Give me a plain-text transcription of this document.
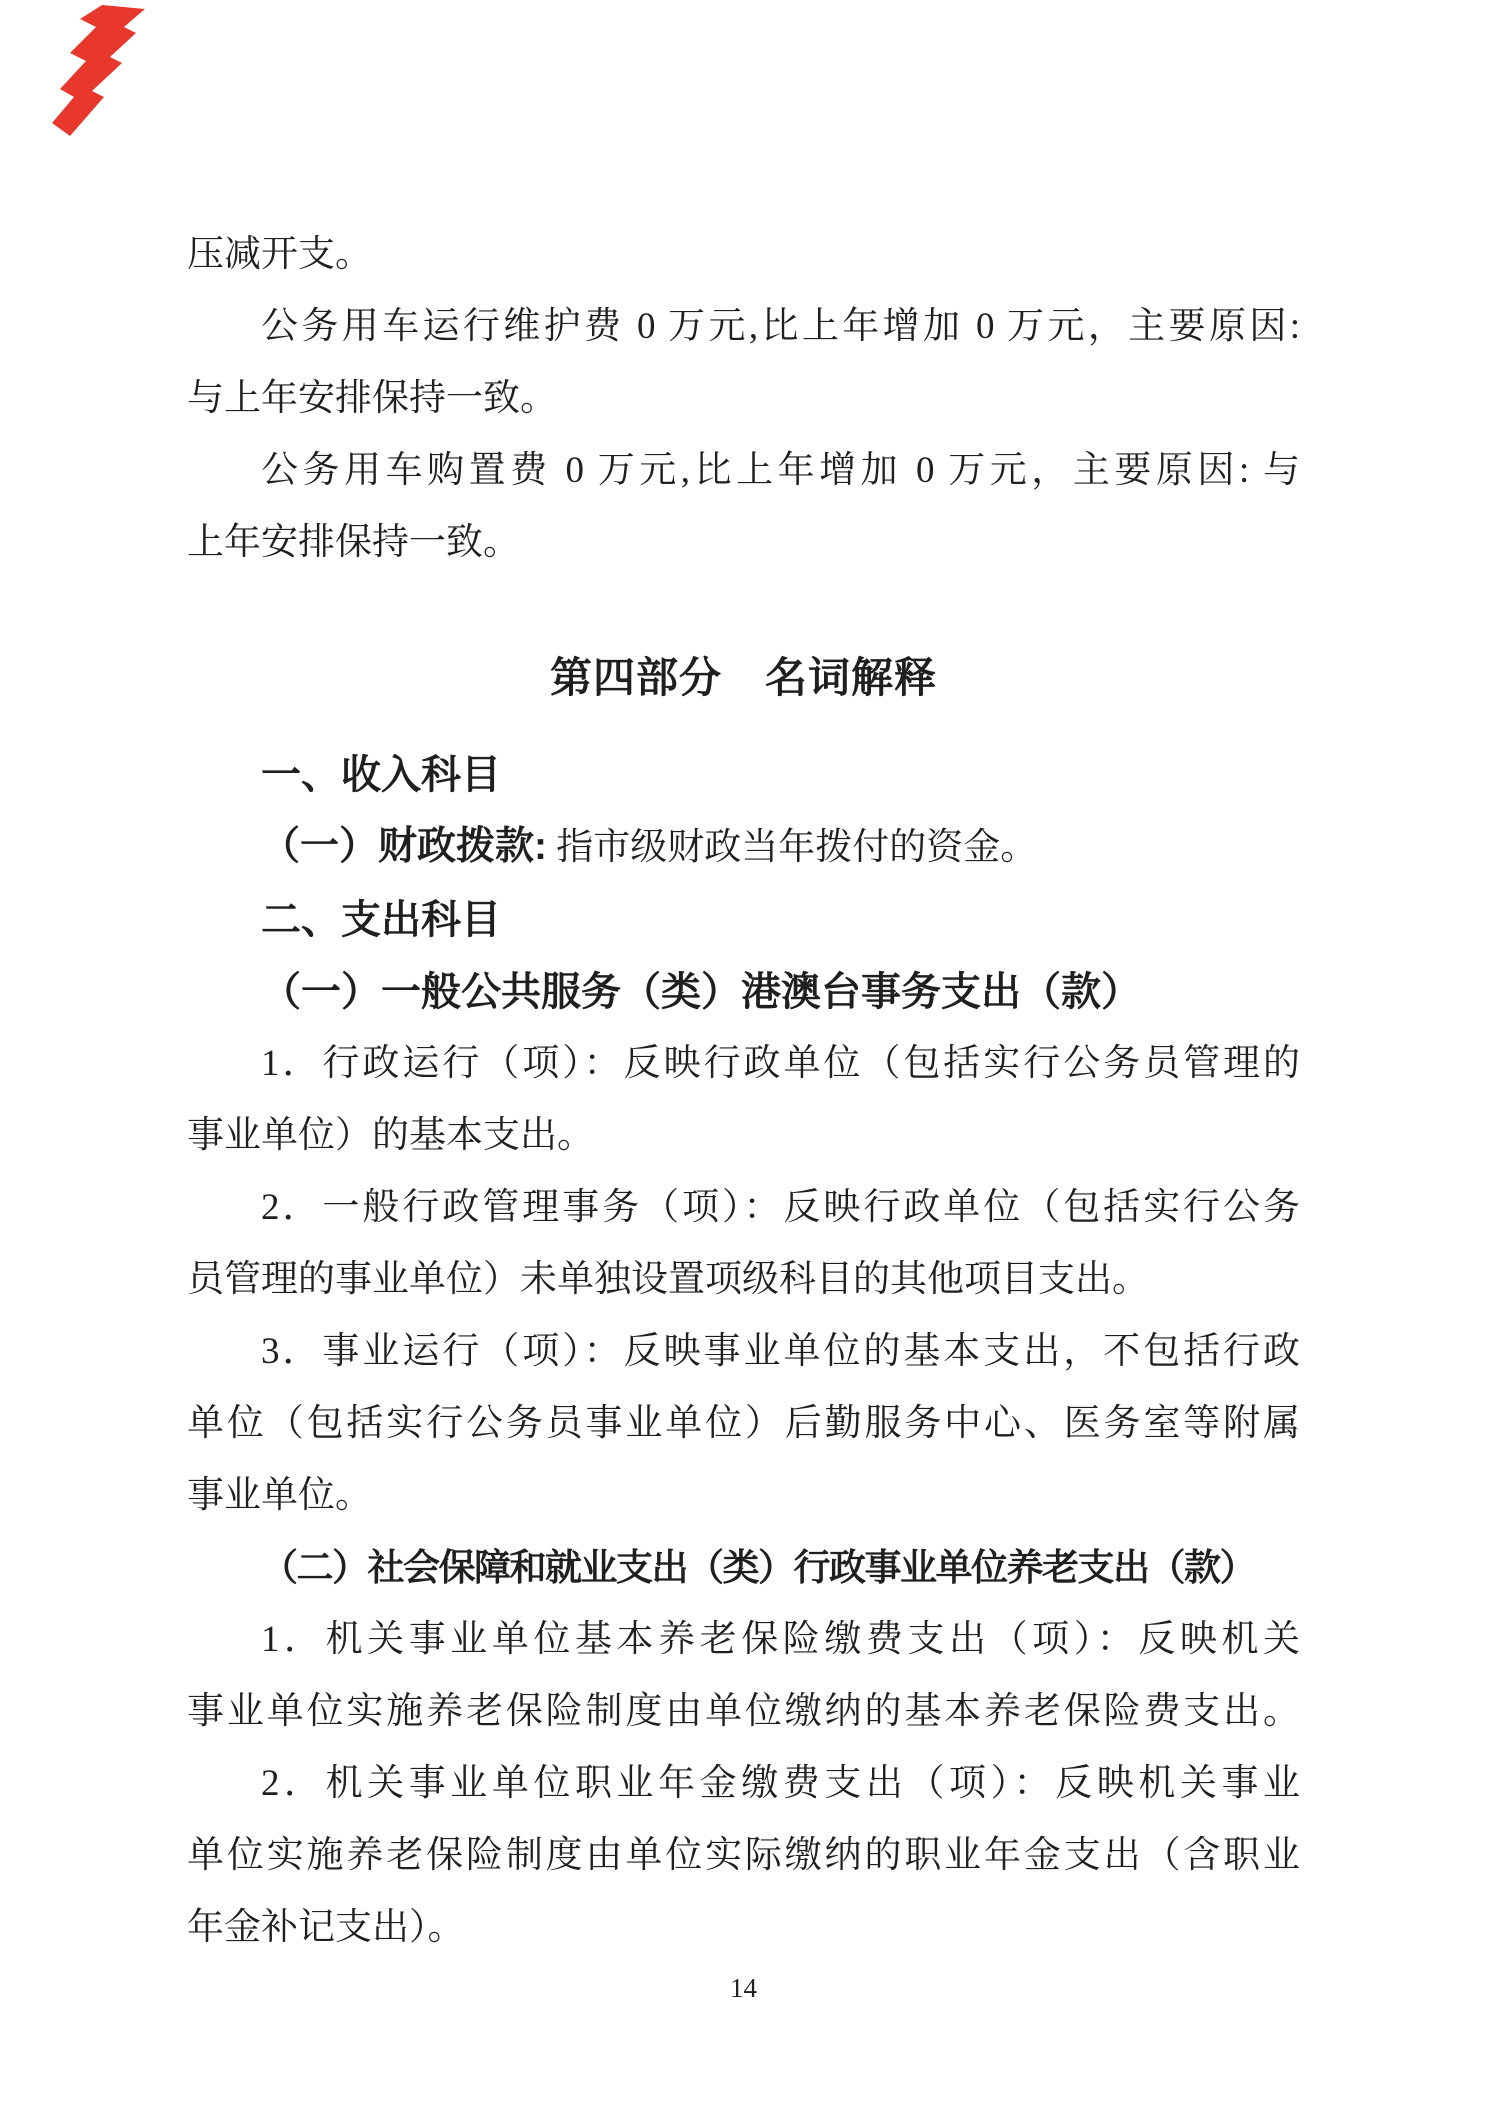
压减开支。
公务用车运行维护费 0 万元,比上年增加 0 万元，主要原因:
与上年安排保持一致。
公务用车购置费 0 万元,比上年增加 0 万元，主要原因: 与
上年安排保持一致。
第四部分　名词解释
一、收入科目
（一）财政拨款: 指市级财政当年拨付的资金。
二、支出科目
（一）一般公共服务（类）港澳台事务支出（款）
1．行政运行（项）：反映行政单位（包括实行公务员管理的
事业单位）的基本支出。
2．一般行政管理事务（项）：反映行政单位（包括实行公务
员管理的事业单位）未单独设置项级科目的其他项目支出。
3．事业运行（项）：反映事业单位的基本支出，不包括行政
单位（包括实行公务员事业单位）后勤服务中心、医务室等附属
事业单位。
（二）社会保障和就业支出（类）行政事业单位养老支出（款）
1．机关事业单位基本养老保险缴费支出（项）：反映机关
事业单位实施养老保险制度由单位缴纳的基本养老保险费支出。
2．机关事业单位职业年金缴费支出（项）：反映机关事业
单位实施养老保险制度由单位实际缴纳的职业年金支出（含职业
年金补记支出）。
14
